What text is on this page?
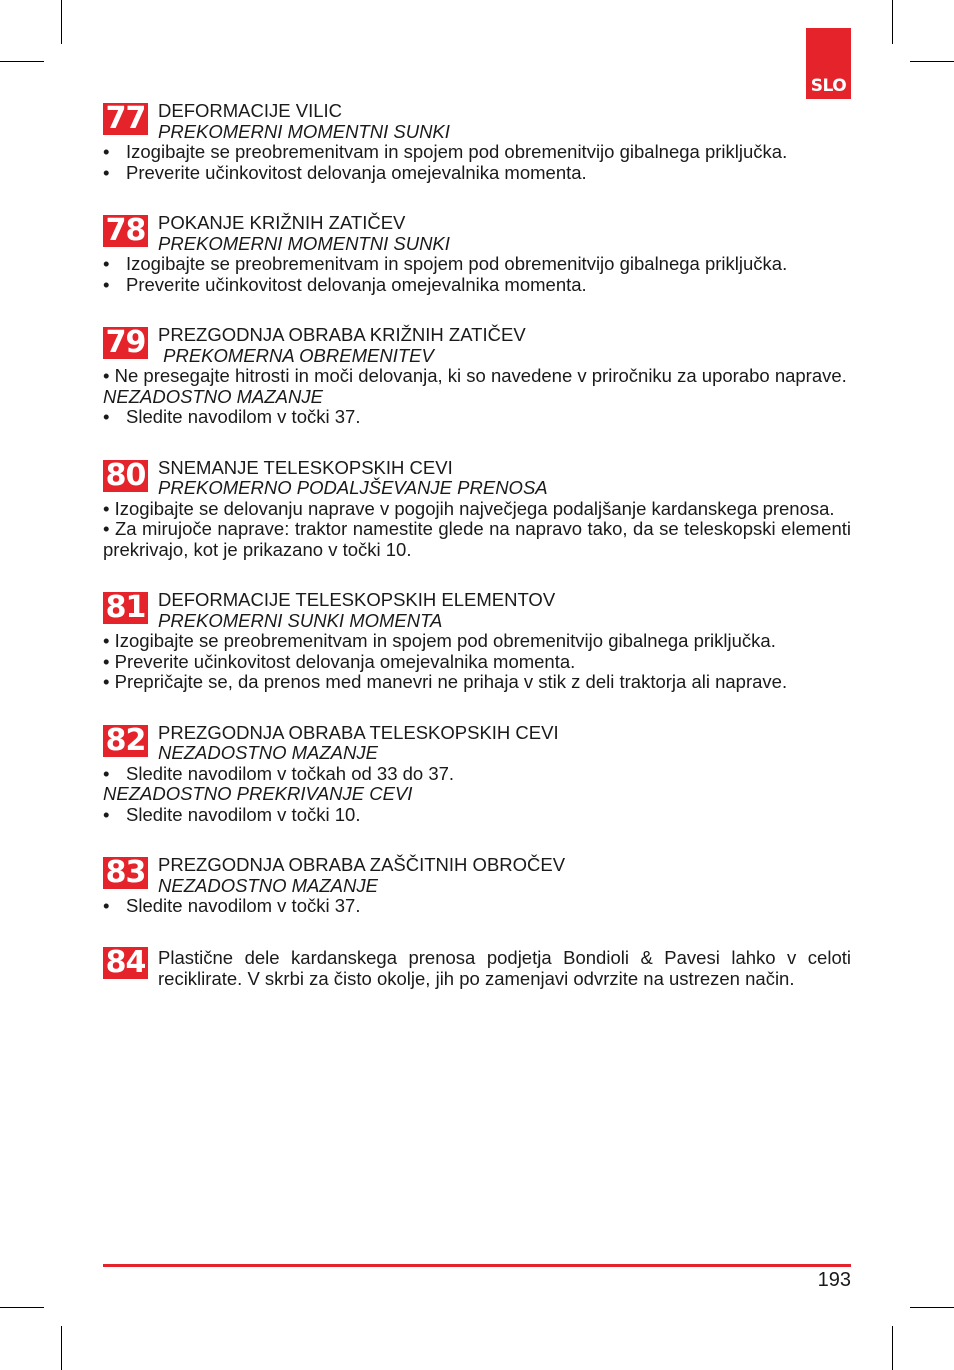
SLO
77 DEFORMACIJE VILIC
PREKOMERNI MOMENTNI SUNKI

• Izogibajte se preobremenitvam in spojem pod obremenitvijo gibalnega priključka.

• Preverite učinkovitost delovanja omejevalnika momenta.

78 POKANJE KRIŽNIH ZATIČEV
PREKOMERNI MOMENTNI SUNKI

• Izogibajte se preobremenitvam in spojem pod obremenitvijo gibalnega priključka.

• Preverite učinkovitost delovanja omejevalnika momenta.

79 PREZGODNJA OBRABA KRIŽNIH ZATIČEV
PREKOMERNA OBREMENITEV

• Ne presegajte hitrosti in moči delovanja, ki so navedene v priročniku za uporabo naprave.

NEZADOSTNO MAZANJE

• Sledite navodilom v točki 37.

80 SNEMANJE TELESKOPSKIH CEVI
PREKOMERNO PODALJŠEVANJE PRENOSA

• Izogibajte se delovanju naprave v pogojih največjega podaljšanje kardanskega prenosa.

• Za mirujoče naprave: traktor namestite glede na napravo tako, da se teleskopski elementi prekrivajo, kot je prikazano v točki 10.

81 DEFORMACIJE TELESKOPSKIH ELEMENTOV
PREKOMERNI SUNKI MOMENTA

• Izogibajte se preobremenitvam in spojem pod obremenitvijo gibalnega priključka.

• Preverite učinkovitost delovanja omejevalnika momenta.

• Prepričajte se, da prenos med manevri ne prihaja v stik z deli traktorja ali naprave.

82 PREZGODNJA OBRABA TELESKOPSKIH CEVI
NEZADOSTNO MAZANJE

• Sledite navodilom v točkah od 33 do 37.

NEZADOSTNO PREKRIVANJE CEVI

• Sledite navodilom v točki 10.

83 PREZGODNJA OBRABA ZAŠČITNIH OBROČEV
NEZADOSTNO MAZANJE

• Sledite navodilom v točki 37.

84 Plastične dele kardanskega prenosa podjetja Bondioli & Pavesi lahko v celoti reciklirate. V skrbi za čisto okolje, jih po zamenjavi odvrzite na ustrezen način.
193
